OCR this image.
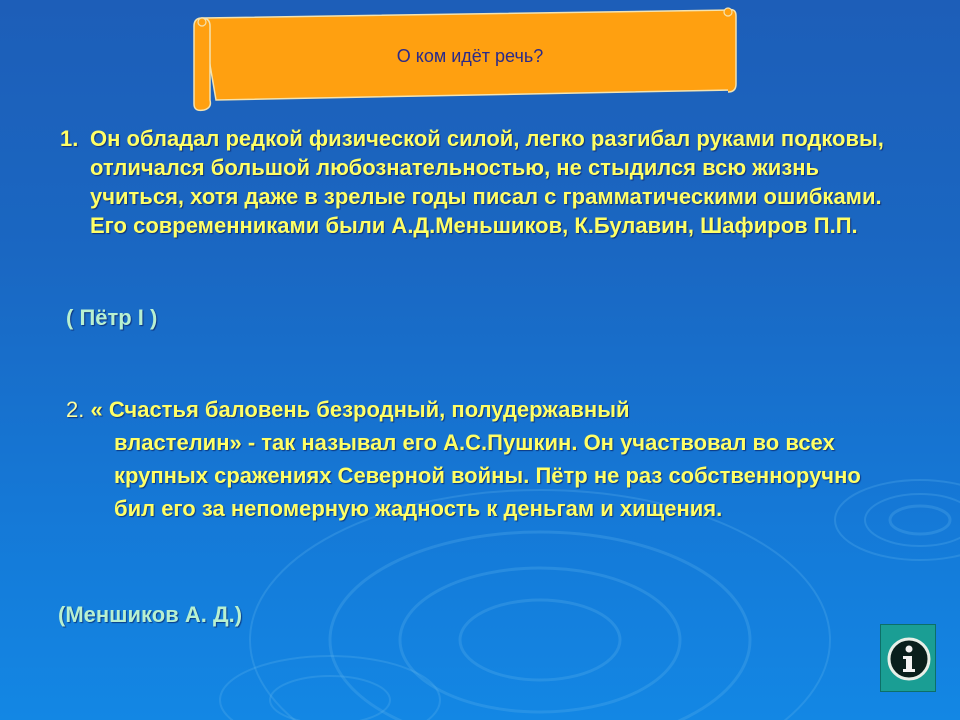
О ком идёт речь?
1. Он обладал редкой физической силой, легко разгибал руками подковы, отличался большой любознательностью, не стыдился всю жизнь учиться, хотя даже в зрелые годы писал с грамматическими ошибками. Его современниками были А.Д.Меньшиков, К.Булавин, Шафиров П.П.
( Пётр I )
2. « Счастья баловень безродный, полудержавный
властелин» - так называл его А.С.Пушкин. Он участвовал во всех крупных сражениях Северной войны. Пётр не раз собственноручно бил его за непомерную жадность к деньгам и хищения.
(Меншиков А. Д.)
